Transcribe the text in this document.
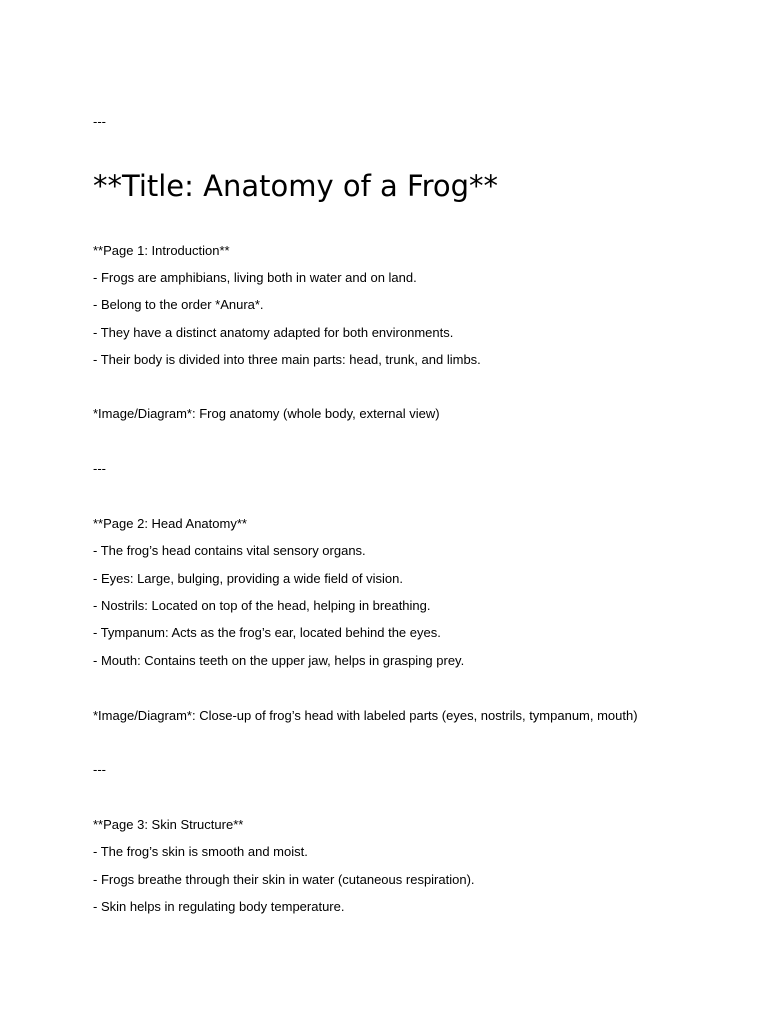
---
**Title: Anatomy of a Frog**
**Page 1: Introduction**
- Frogs are amphibians, living both in water and on land.
- Belong to the order *Anura*.
- They have a distinct anatomy adapted for both environments.
- Their body is divided into three main parts: head, trunk, and limbs.
*Image/Diagram*: Frog anatomy (whole body, external view)
---
**Page 2: Head Anatomy**
- The frog’s head contains vital sensory organs.
- Eyes: Large, bulging, providing a wide field of vision.
- Nostrils: Located on top of the head, helping in breathing.
- Tympanum: Acts as the frog’s ear, located behind the eyes.
- Mouth: Contains teeth on the upper jaw, helps in grasping prey.
*Image/Diagram*: Close-up of frog’s head with labeled parts (eyes, nostrils, tympanum, mouth)
---
**Page 3: Skin Structure**
- The frog’s skin is smooth and moist.
- Frogs breathe through their skin in water (cutaneous respiration).
- Skin helps in regulating body temperature.
